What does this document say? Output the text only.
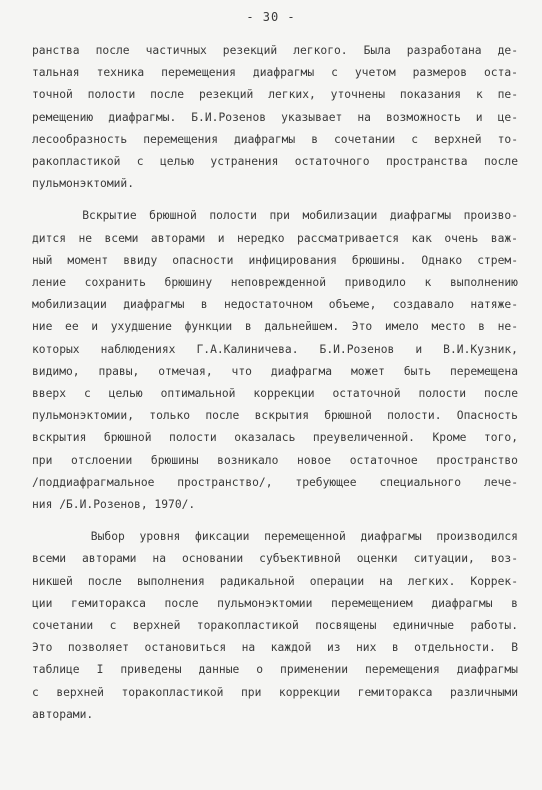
- 30 -
ранства после частичных резекций легкого. Была разработана де-
тальная техника перемещения диафрагмы с учетом размеров оста-
точной полости после резекций легких, уточнены показания к пе-
ремещению диафрагмы. Б.И.Розенов указывает на возможность и це-
лесообразность перемещения диафрагмы в сочетании с верхней то-
ракопластикой с целью устранения остаточного пространства после
пульмонэктомий.
Вскрытие брюшной полости при мобилизации диафрагмы произво-
дится не всеми авторами и нередко рассматривается как очень важ-
ный момент ввиду опасности инфицирования брюшины. Однако стрем-
ление сохранить брюшину неповрежденной приводило к выполнению
мобилизации диафрагмы в недостаточном объеме, создавало натяже-
ние ее и ухудшение функции в дальнейшем. Это имело место в не-
которых наблюдениях Г.А.Калиничева. Б.И.Розенов и В.И.Кузник,
видимо, правы, отмечая, что диафрагма может быть перемещена
вверх с целью оптимальной коррекции остаточной полости после
пульмонэктомии, только после вскрытия брюшной полости. Опасность
вскрытия брюшной полости оказалась преувеличенной. Кроме того,
при отслоении брюшины возникало новое остаточное пространство
/поддиафрагмальное пространство/, требующее специального лече-
ния /Б.И.Розенов, 1970/.
Выбор уровня фиксации перемещенной диафрагмы производился
всеми авторами на основании субъективной оценки ситуации, воз-
никшей после выполнения радикальной операции на легких. Коррек-
ции гемиторакса после пульмонэктомии перемещением диафрагмы в
сочетании с верхней торакопластикой посвящены единичные работы.
Это позволяет остановиться на каждой из них в отдельности. В
таблице I приведены данные о применении перемещения диафрагмы
с верхней торакопластикой при коррекции гемиторакса различными
авторами.
